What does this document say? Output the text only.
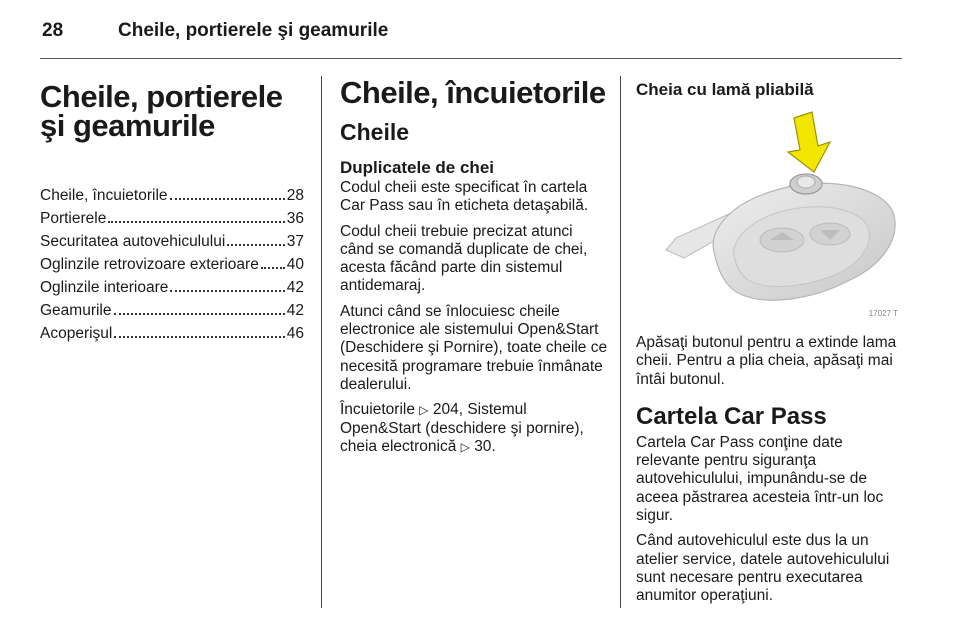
28	Cheile, portierele şi geamurile
Cheile, portierele şi geamurile
Cheile, încuietorile	28
Portierele	36
Securitatea autovehiculului	37
Oglinzile retrovizoare exterioare 40
Oglinzile interioare	42
Geamurile	42
Acoperişul	46
Cheile, încuietorile
Cheile
Duplicatele de chei

Codul cheii este specificat în cartela Car Pass sau în eticheta detaşabilă.

Codul cheii trebuie precizat atunci când se comandă duplicate de chei, acesta făcând parte din sistemul antidemaraj.

Atunci când se înlocuiesc cheile electronice ale sistemului Open&Start (Deschidere şi Pornire), toate cheile ce necesită programare trebuie înmânate dealerului.

Încuietorile ▷ 204, Sistemul Open&Start (deschidere şi pornire), cheia electronică ▷ 30.

Cheia cu lamă pliabilă
17027 T

Apăsaţi butonul pentru a extinde lama cheii. Pentru a plia cheia, apăsaţi mai întâi butonul.

Cartela Car Pass

Cartela Car Pass conţine date relevante pentru siguranţa autovehiculului, impunându-se de aceea păstrarea acesteia într-un loc sigur.

Când autovehiculul este dus la un atelier service, datele autovehiculului sunt necesare pentru executarea anumitor operaţiuni.
